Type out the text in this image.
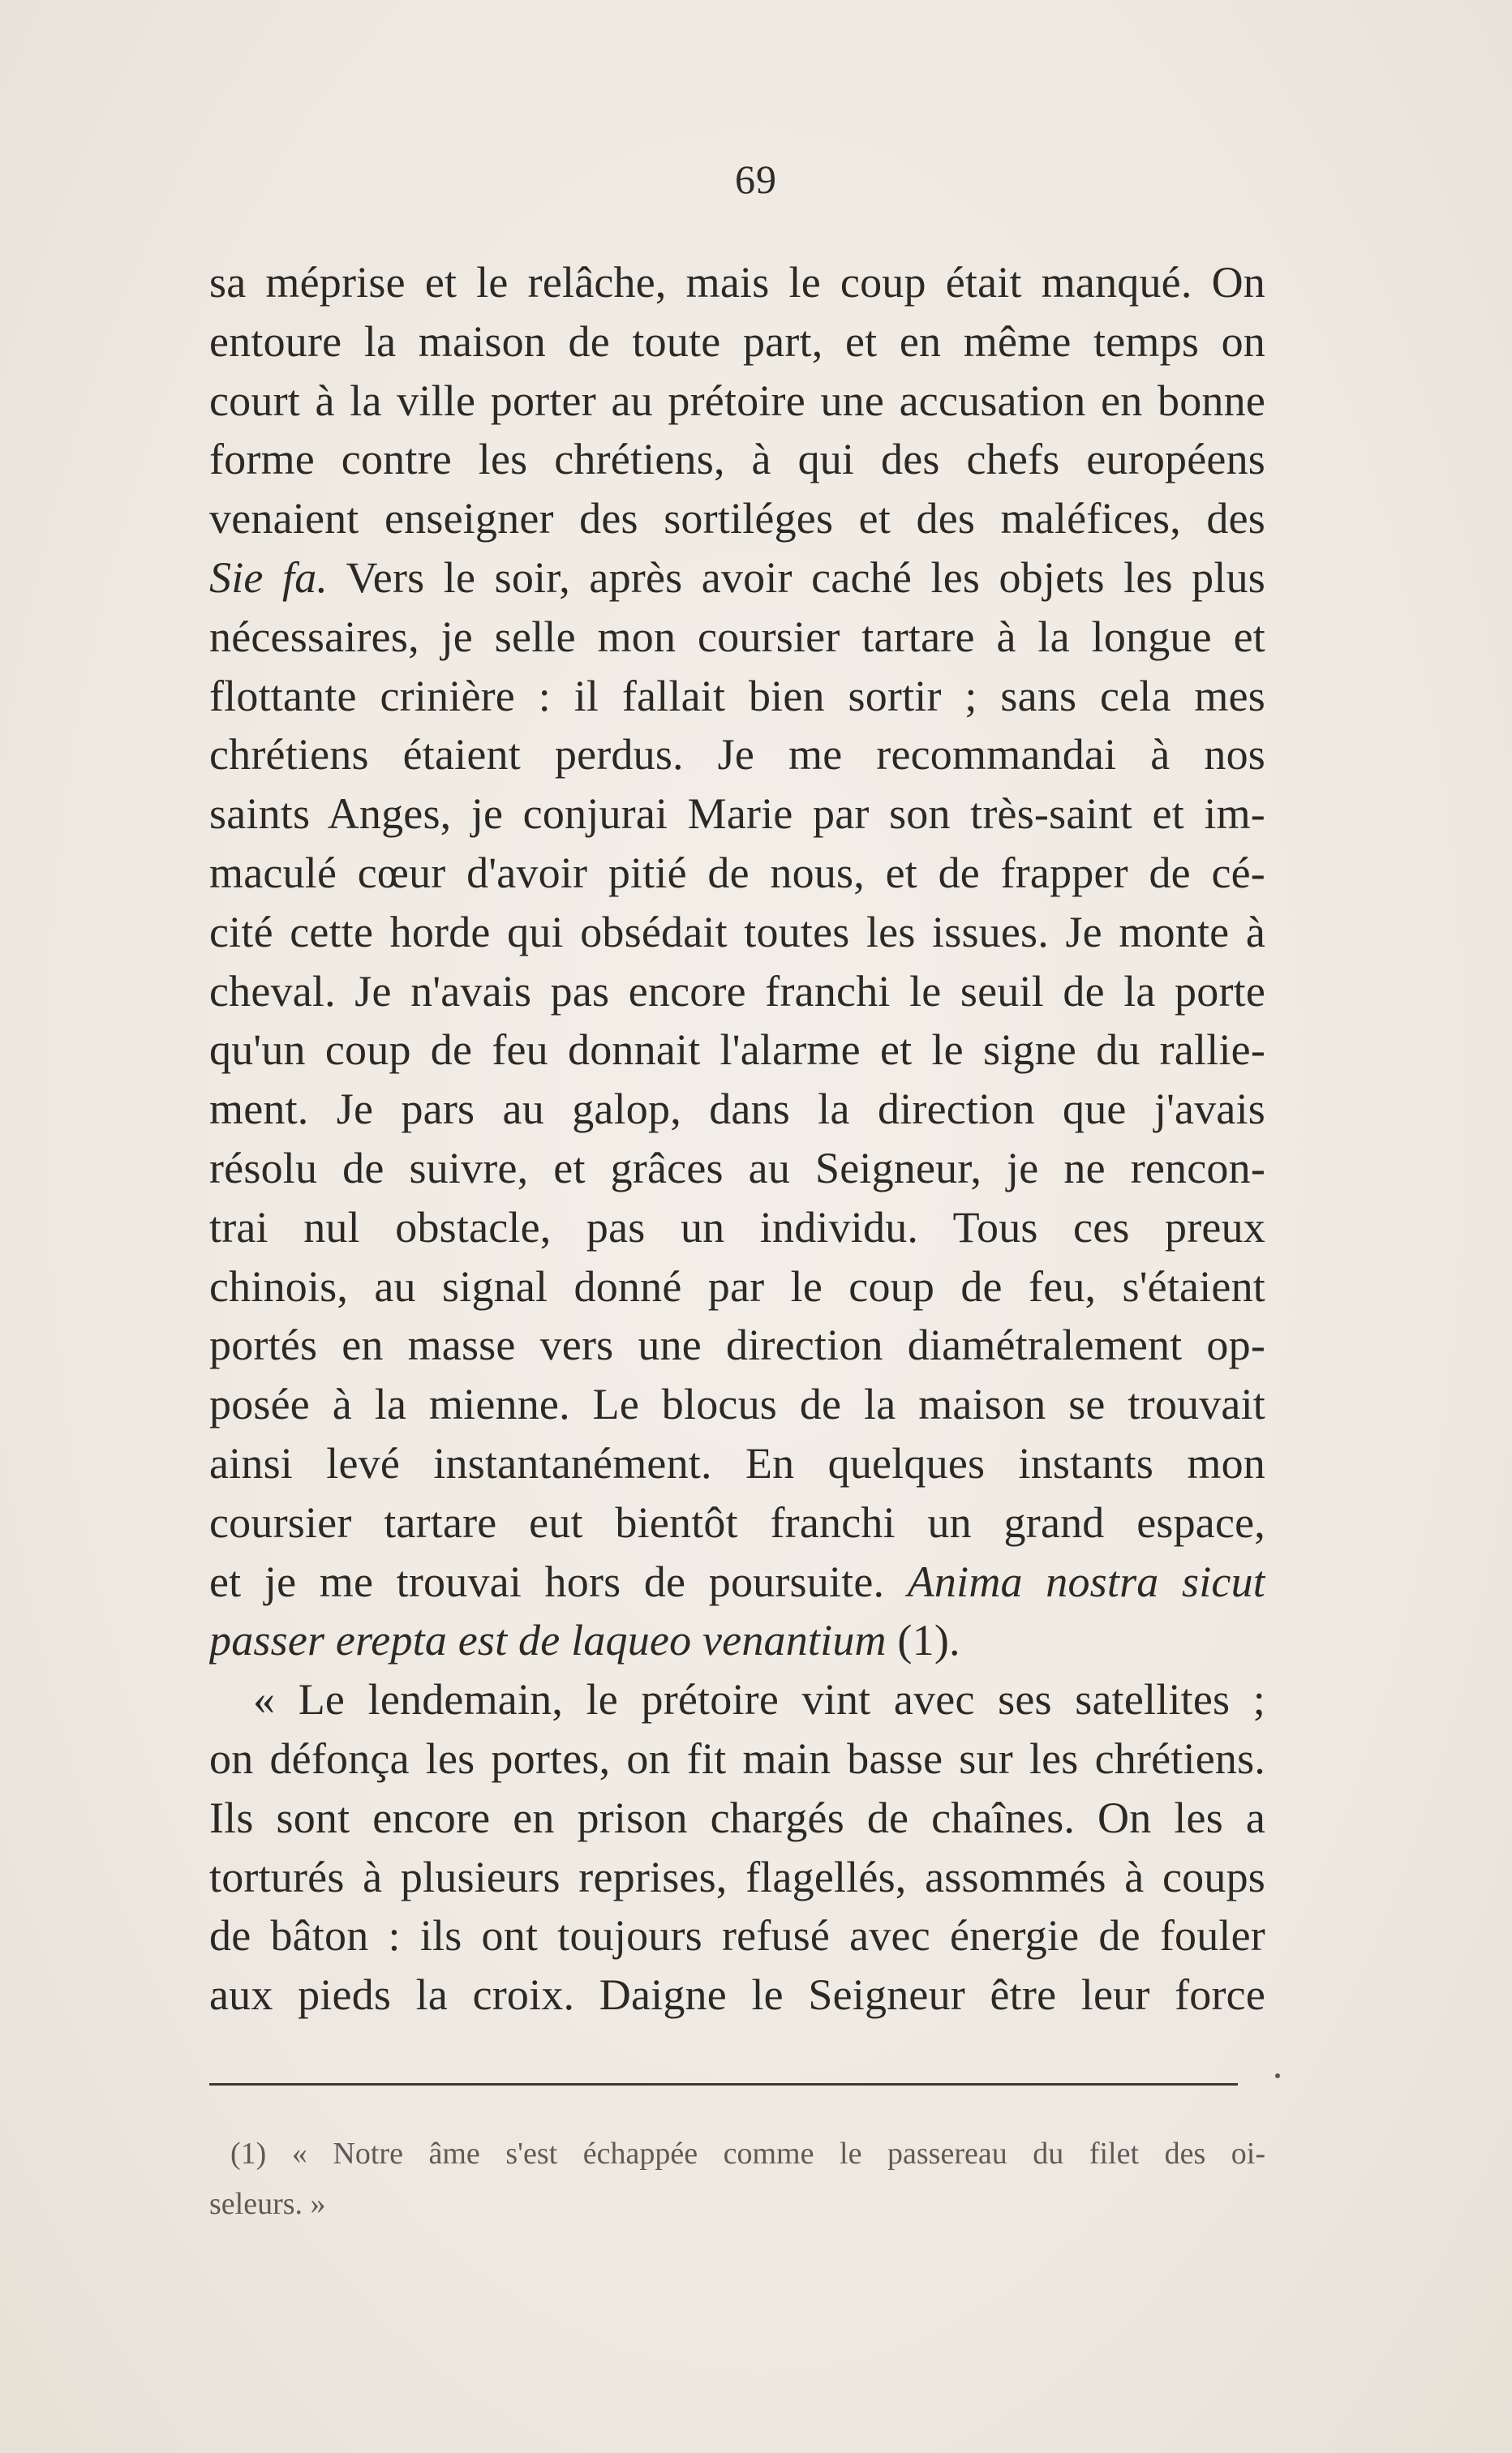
69
sa méprise et le relâche, mais le coup était manqué. On
entoure la maison de toute part, et en même temps on
court à la ville porter au prétoire une accusation en bonne
forme contre les chrétiens, à qui des chefs européens
venaient enseigner des sortiléges et des maléfices, des
Sie fa. Vers le soir, après avoir caché les objets les plus
nécessaires, je selle mon coursier tartare à la longue et
flottante crinière : il fallait bien sortir ; sans cela mes
chrétiens étaient perdus. Je me recommandai à nos
saints Anges, je conjurai Marie par son très-saint et im-
maculé cœur d'avoir pitié de nous, et de frapper de cé-
cité cette horde qui obsédait toutes les issues. Je monte à
cheval. Je n'avais pas encore franchi le seuil de la porte
qu'un coup de feu donnait l'alarme et le signe du rallie-
ment. Je pars au galop, dans la direction que j'avais
résolu de suivre, et grâces au Seigneur, je ne rencon-
trai nul obstacle, pas un individu. Tous ces preux
chinois, au signal donné par le coup de feu, s'étaient
portés en masse vers une direction diamétralement op-
posée à la mienne. Le blocus de la maison se trouvait
ainsi levé instantanément. En quelques instants mon
coursier tartare eut bientôt franchi un grand espace,
et je me trouvai hors de poursuite. Anima nostra sicut
passer erepta est de laqueo venantium (1).
« Le lendemain, le prétoire vint avec ses satellites ;
on défonça les portes, on fit main basse sur les chrétiens.
Ils sont encore en prison chargés de chaînes. On les a
torturés à plusieurs reprises, flagellés, assommés à coups
de bâton : ils ont toujours refusé avec énergie de fouler
aux pieds la croix. Daigne le Seigneur être leur force
(1) « Notre âme s'est échappée comme le passereau du filet des oi-
seleurs. »
